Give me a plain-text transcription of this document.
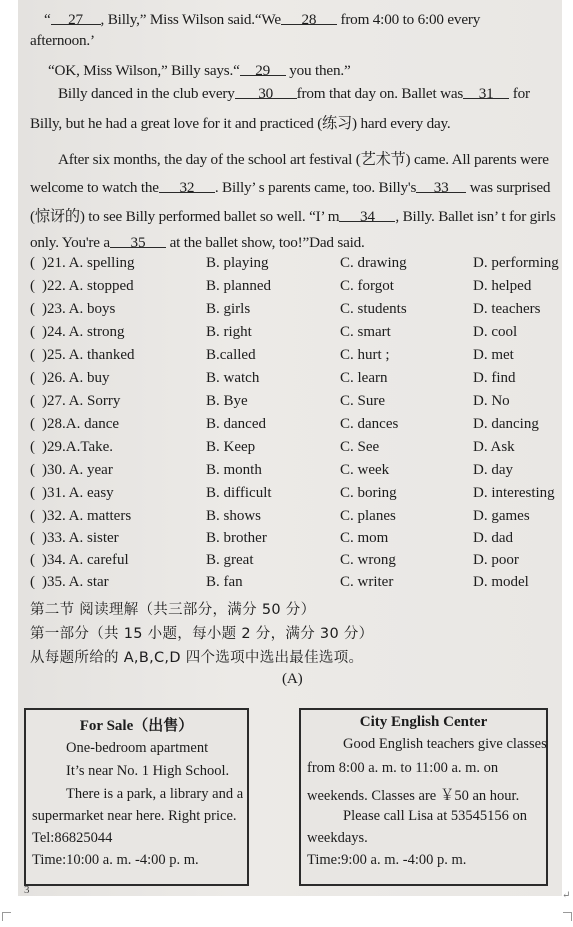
“ 27 , Billy,” Miss Wilson said.“We 28 from 4:00 to 6:00 every
afternoon.’
“OK, Miss Wilson,” Billy says.“ 29 you then.”
Billy danced in the club every 30 from that day on. Ballet was 31 for
Billy, but he had a great love for it and practiced (练习) hard every day.
After six months, the day of the school art festival (艺术节) came. All parents were
welcome to watch the 32 . Billy’ s parents came, too. Billy's 33 was surprised
(惊讶的) to see Billy performed ballet so well. “I’ m 34 , Billy. Ballet isn’ t for girls
only. You're a 35 at the ballet show, too!”Dad said.
( )21. A. spelling	B. playing	C. drawing	D. performing
( )22. A. stopped	B. planned	C. forgot	D. helped
( )23. A. boys	B. girls	C. students	D. teachers
( )24. A. strong	B. right	C. smart	D. cool
( )25. A. thanked	B.called	C. hurt ;	D. met
( )26. A. buy	B. watch	C. learn	D. find
( )27. A. Sorry	B. Bye	C. Sure	D. No
( )28.A. dance	B. danced	C. dances	D. dancing
( )29.A.Take.	B. Keep	C. See	D. Ask
( )30. A. year	B. month	C. week	D. day
( )31. A. easy	B. difficult	C. boring	D. interesting
( )32. A. matters	B. shows	C. planes	D. games
( )33. A. sister	B. brother	C. mom	D. dad
( )34. A. careful	B. great	C. wrong	D. poor
( )35. A. star	B. fan	C. writer	D. model
第二节 阅读理解（共三部分，满分 50 分）
第一部分（共 15 小题，每小题 2 分，满分 30 分）
从每题所给的 A,B,C,D 四个选项中选出最佳选项。
(A)
For Sale（出售）
One-bedroom apartment
It’s near No. 1 High School.
There is a park, a library and a
supermarket near here. Right price.
Tel:86825044
Time:10:00 a. m. -4:00 p. m.
City English Center
Good English teachers give classes
from 8:00 a. m. to 11:00 a. m. on
weekends. Classes are ￥50 an hour.
Please call Lisa at 53545156 on
weekdays.
Time:9:00 a. m. -4:00 p. m.
3	↵
